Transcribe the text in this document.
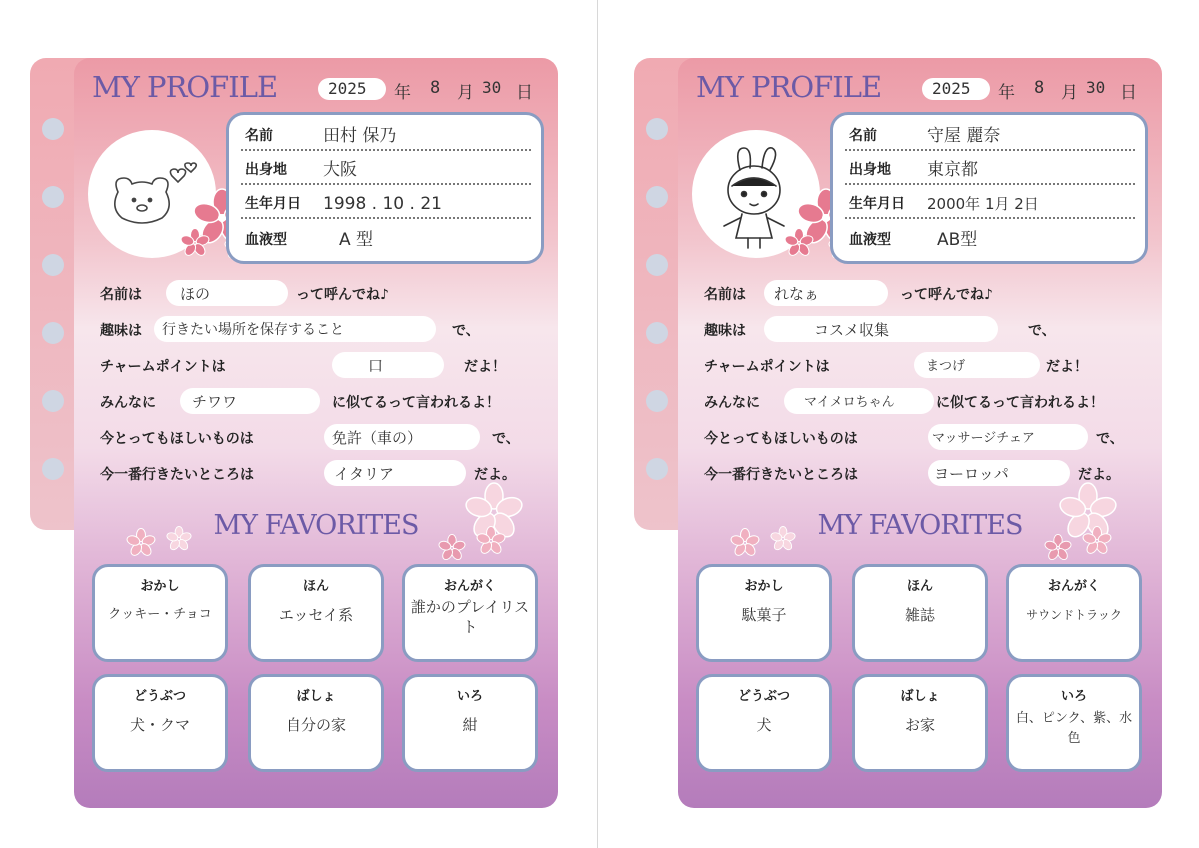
MY PROFILE	2025 年 8 月 30 日
名前	田村 保乃
出身地 大阪
生年月日 1998 . 10 . 21
血液型	A 型
名前は	ほの	って呼んでね♪
趣味は 行きたい場所を保存すること	で、
チャームポイントは	口	だよ！
みんなに チワワ	に似てるって言われるよ！
今とってもほしいものは	免許（車の）	で、
今一番行きたいところは	イタリア	だよ。
MY FAVORITES
おかし
クッキー・チョコ
ほん
エッセイ系
おんがく
誰かのプレイリスト
どうぶつ
犬・クマ
ばしょ
自分の家
いろ
紺
MY PROFILE	2025 年 8 月 30 日
名前	守屋 麗奈
出身地 東京都
生年月日 2000年 1月 2日
血液型	AB型
名前は れなぁ	って呼んでね♪
趣味は	コスメ収集	で、
チャームポイントは	まつげ	だよ！
みんなに	マイメロちゃん	に似てるって言われるよ！
今とってもほしいものは	マッサージチェア	で、
今一番行きたいところは	ヨーロッパ	だよ。
MY FAVORITES
おかし
駄菓子
ほん
雑誌
おんがく
サウンドトラック
どうぶつ
犬
ばしょ
お家
いろ
白、ピンク、紫、水色
